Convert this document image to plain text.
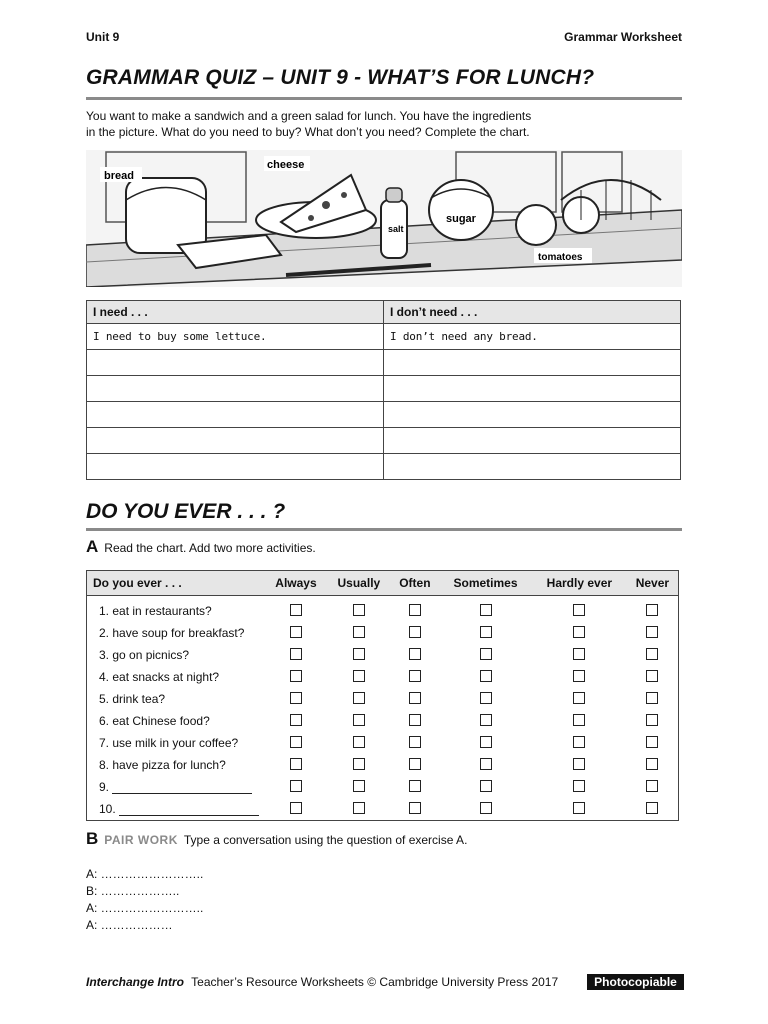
Unit 9	Grammar Worksheet
GRAMMAR QUIZ – UNIT 9 - WHAT’S FOR LUNCH?
You want to make a sandwich and a green salad for lunch. You have the ingredients
in the picture. What do you need to buy? What don’t you need? Complete the chart.
bread
cheese
sugar
tomatoes
salt
I need . . .	I don’t need . . .
I need to buy some lettuce.	I don’t need any bread.

DO YOU EVER . . . ?
A Read the chart. Add two more activities.
Do you ever . . .	Always	Usually	Often	Sometimes	Hardly ever	Never
1. eat in restaurants?						
2. have soup for breakfast?						
3. go on picnics?						
4. eat snacks at night?						
5. drink tea?						
6. eat Chinese food?						
7. use milk in your coffee?						
8. have pizza for lunch?						
9.						
10.						
B PAIR WORK Type a conversation using the question of exercise A.
A: ……………………..
B: ………………..
A: ……………………..
A: ………………
Interchange Intro Teacher’s Resource Worksheets © Cambridge University Press 2017	Photocopiable
